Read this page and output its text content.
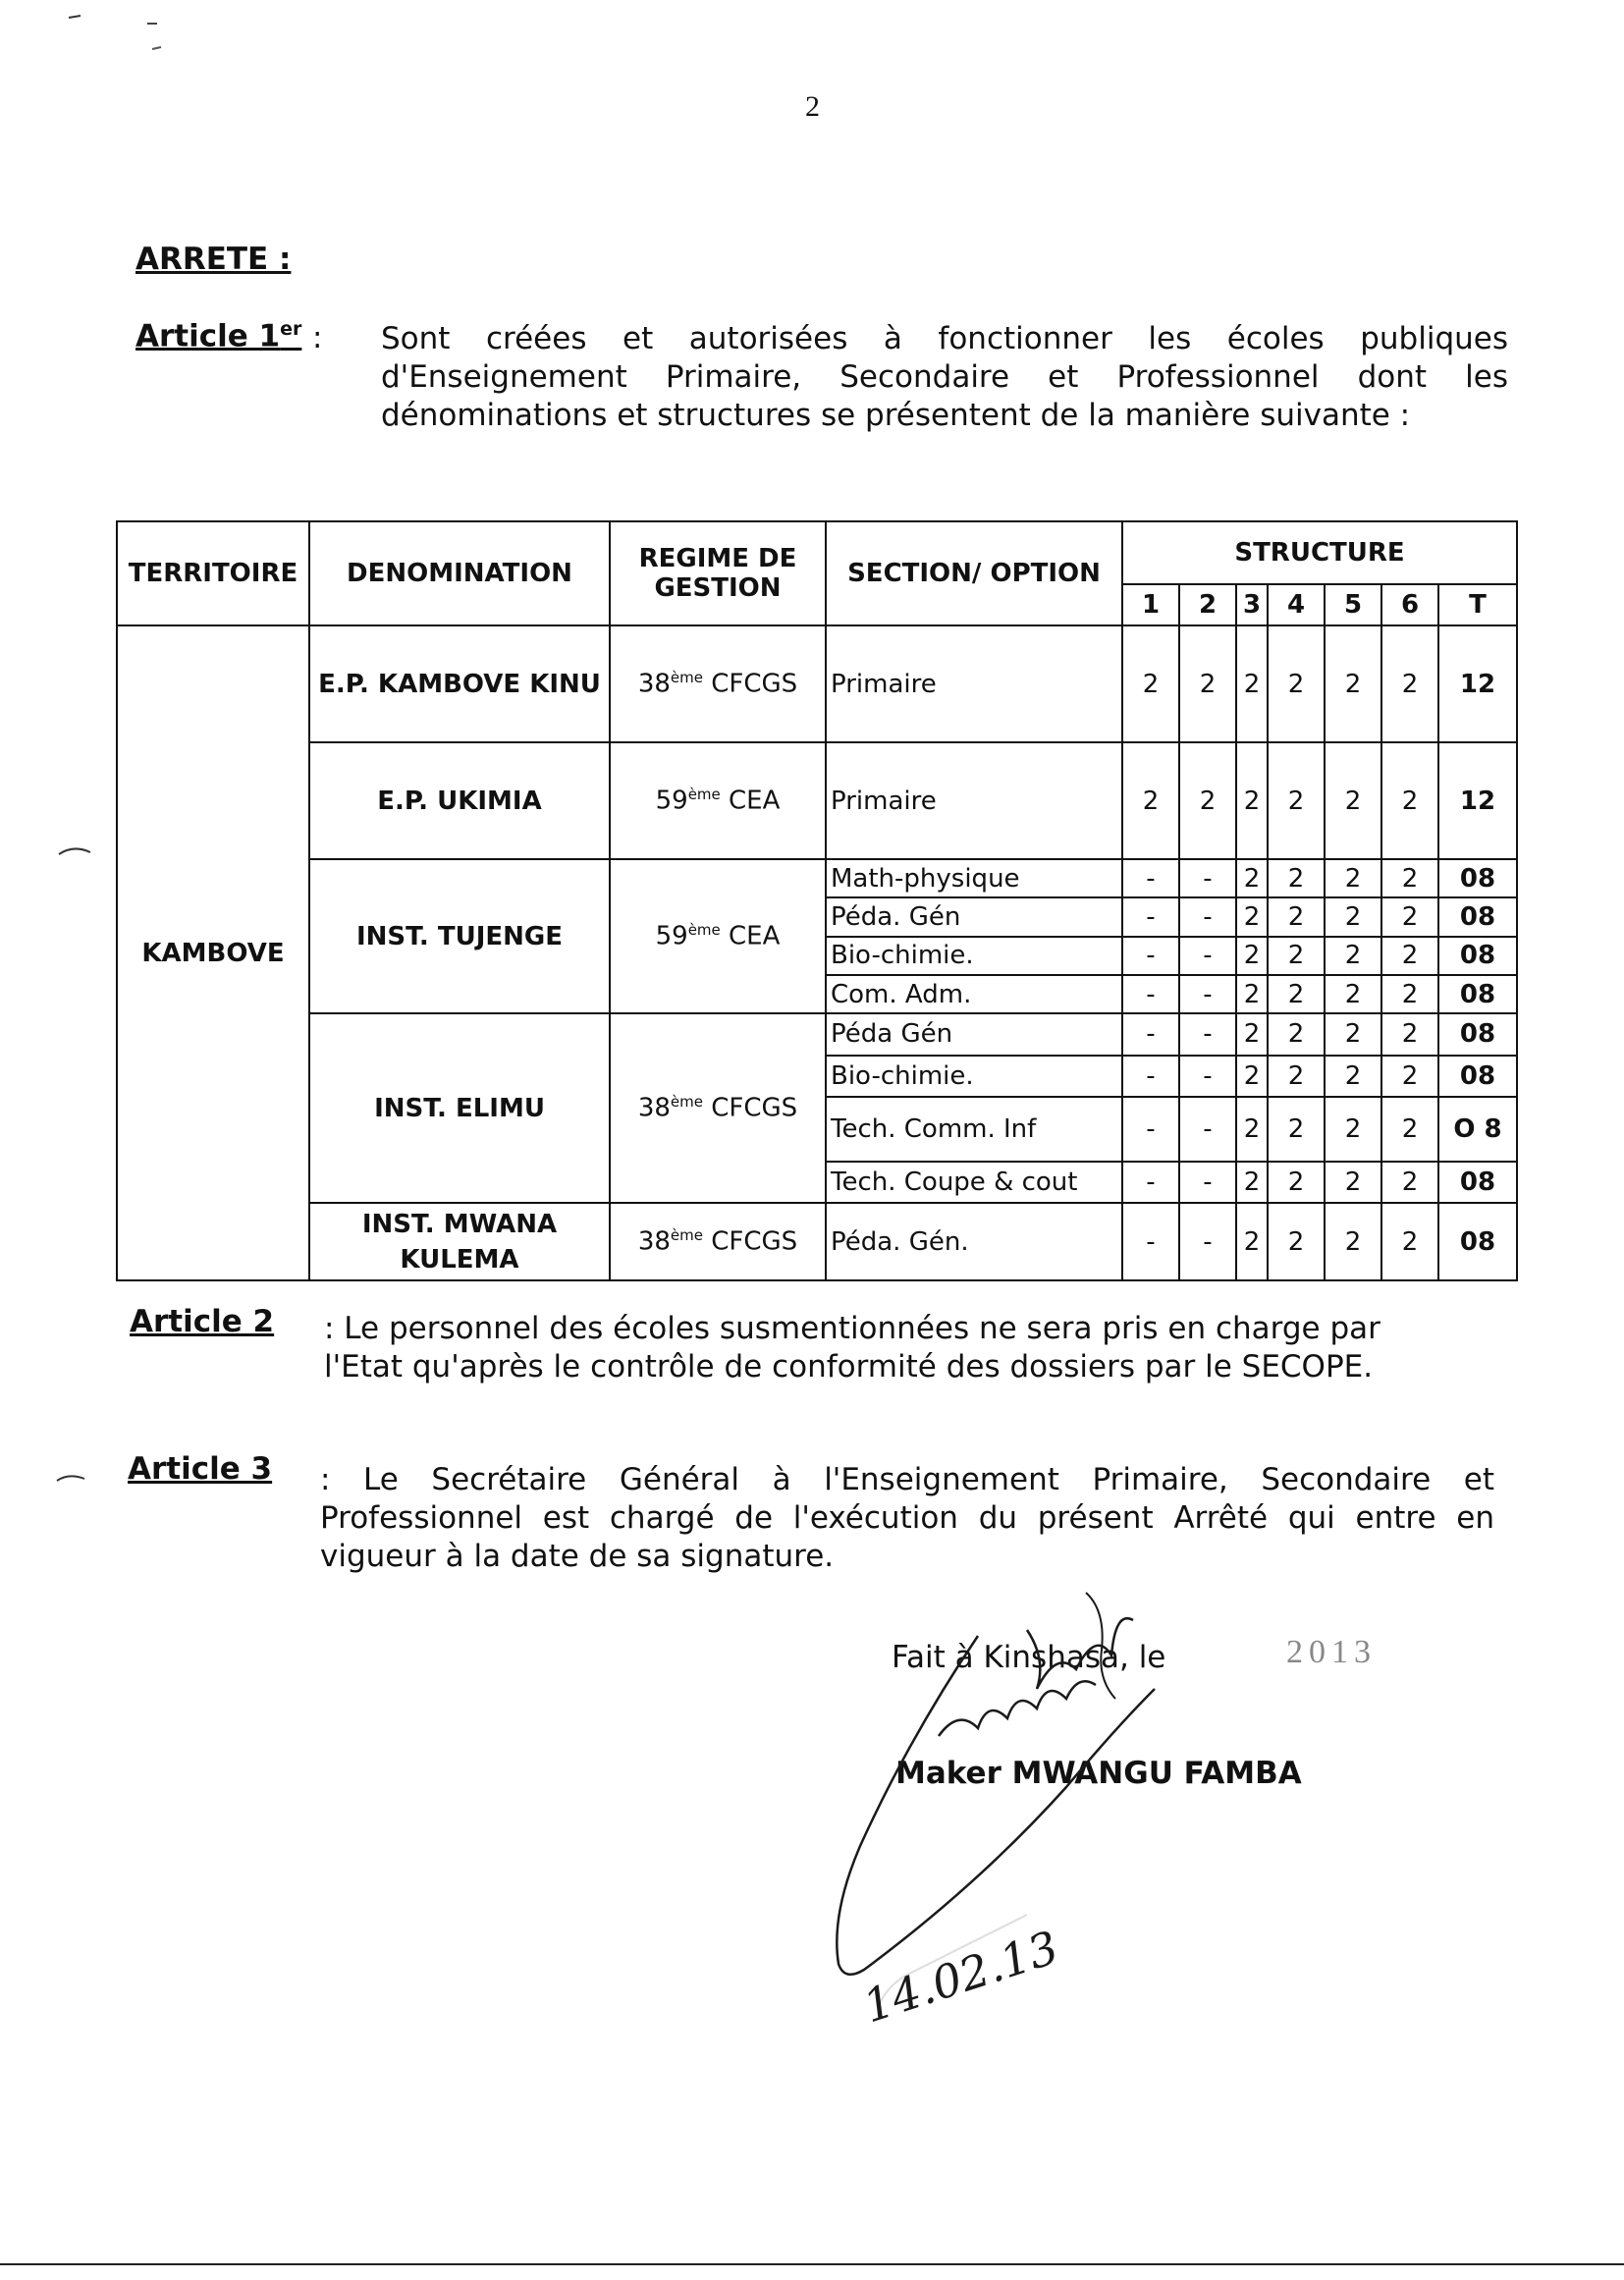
2
ARRETE :
Article 1er : Sont créées et autorisées à fonctionner les écoles publiques d'Enseignement Primaire, Secondaire et Professionnel dont les dénominations et structures se présentent de la manière suivante :
TERRITOIRE	DENOMINATION	REGIME DE GESTION	SECTION/ OPTION	STRUCTURE						
				1	2	3	4	5	6	T
KAMBOVE	E.P. KAMBOVE KINU	38ème CFCGS	Primaire	2	2	2	2	2	2	12
	E.P. UKIMIA	59ème CEA	Primaire	2	2	2	2	2	2	12
	INST. TUJENGE	59ème CEA	Math-physique	-	-	2	2	2	2	08
			Péda. Gén	-	-	2	2	2	2	08
			Bio-chimie.	-	-	2	2	2	2	08
			Com. Adm.	-	-	2	2	2	2	08
	INST. ELIMU	38ème CFCGS	Péda Gén	-	-	2	2	2	2	08
			Bio-chimie.	-	-	2	2	2	2	08
			Tech. Comm. Inf	-	-	2	2	2	2	O 8
			Tech. Coupe & cout	-	-	2	2	2	2	08
	INST. MWANA KULEMA	38ème CFCGS	Péda. Gén.	-	-	2	2	2	2	08
Article 2 : Le personnel des écoles susmentionnées ne sera pris en charge par l'Etat qu'après le contrôle de conformité des dossiers par le SECOPE.
Article 3 : Le Secrétaire Général à l'Enseignement Primaire, Secondaire et Professionnel est chargé de l'exécution du présent Arrêté qui entre en vigueur à la date de sa signature.
Fait à Kinshasa, le	2013
Maker MWANGU FAMBA
14.02.13
